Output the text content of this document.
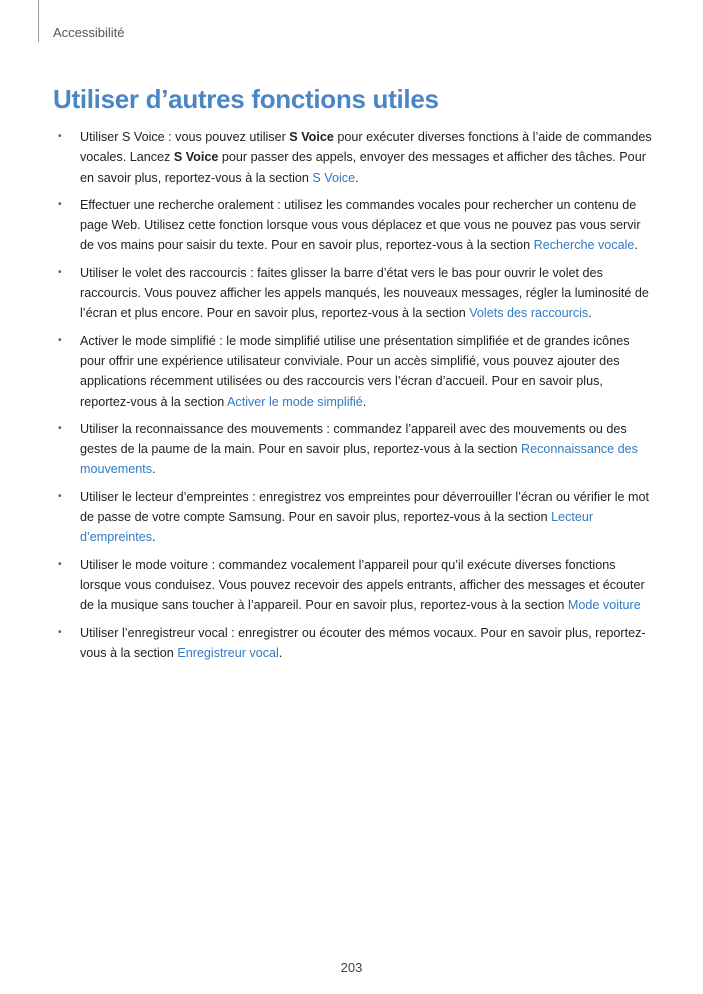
Accessibilité
Utiliser d’autres fonctions utiles
• Utiliser S Voice : vous pouvez utiliser S Voice pour exécuter diverses fonctions à l’aide de commandes vocales. Lancez S Voice pour passer des appels, envoyer des messages et afficher des tâches. Pour en savoir plus, reportez-vous à la section S Voice.
• Effectuer une recherche oralement : utilisez les commandes vocales pour rechercher un contenu de page Web. Utilisez cette fonction lorsque vous vous déplacez et que vous ne pouvez pas vous servir de vos mains pour saisir du texte. Pour en savoir plus, reportez-vous à la section Recherche vocale.
• Utiliser le volet des raccourcis : faites glisser la barre d’état vers le bas pour ouvrir le volet des raccourcis. Vous pouvez afficher les appels manqués, les nouveaux messages, régler la luminosité de l’écran et plus encore. Pour en savoir plus, reportez-vous à la section Volets des raccourcis.
• Activer le mode simplifié : le mode simplifié utilise une présentation simplifiée et de grandes icônes pour offrir une expérience utilisateur conviviale. Pour un accès simplifié, vous pouvez ajouter des applications récemment utilisées ou des raccourcis vers l’écran d’accueil. Pour en savoir plus, reportez-vous à la section Activer le mode simplifié.
• Utiliser la reconnaissance des mouvements : commandez l’appareil avec des mouvements ou des gestes de la paume de la main. Pour en savoir plus, reportez-vous à la section Reconnaissance des mouvements.
• Utiliser le lecteur d’empreintes : enregistrez vos empreintes pour déverrouiller l’écran ou vérifier le mot de passe de votre compte Samsung. Pour en savoir plus, reportez-vous à la section Lecteur d’empreintes.
• Utiliser le mode voiture : commandez vocalement l’appareil pour qu’il exécute diverses fonctions lorsque vous conduisez. Vous pouvez recevoir des appels entrants, afficher des messages et écouter de la musique sans toucher à l’appareil. Pour en savoir plus, reportez-vous à la section Mode voiture
• Utiliser l’enregistreur vocal : enregistrer ou écouter des mémos vocaux. Pour en savoir plus, reportez-vous à la section Enregistreur vocal.
203
